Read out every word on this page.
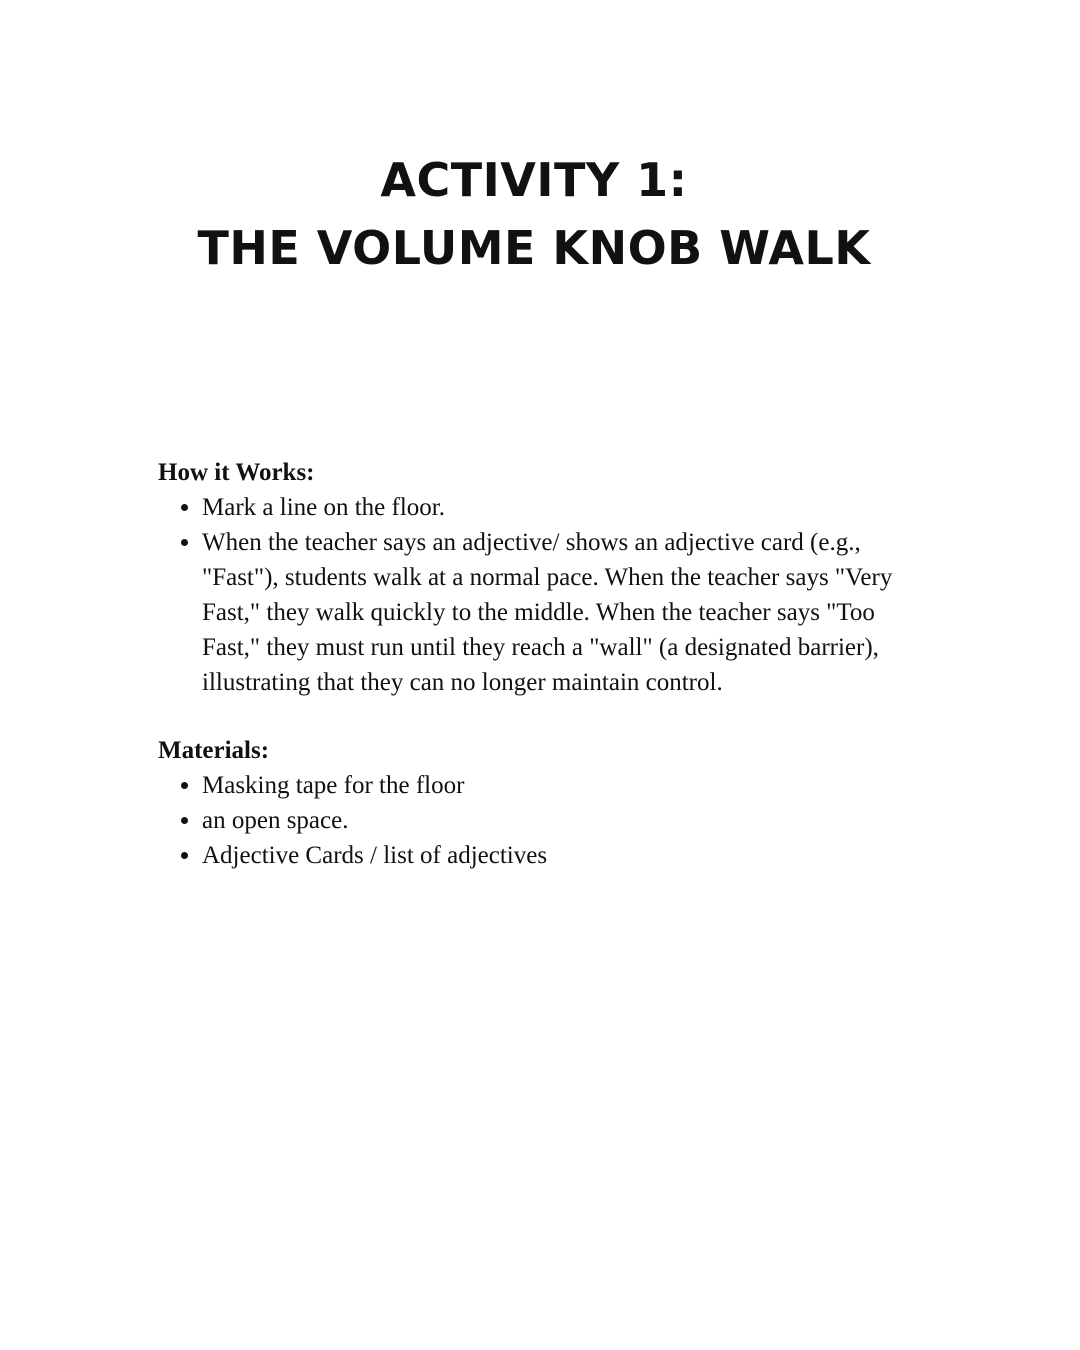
ACTIVITY 1:
THE VOLUME KNOB WALK

How it Works:

• Mark a line on the floor.
• When the teacher says an adjective/ shows an adjective card (e.g., "Fast"), students walk at a normal pace. When the teacher says "Very Fast," they walk quickly to the middle. When the teacher says "Too Fast," they must run until they reach a "wall" (a designated barrier), illustrating that they can no longer maintain control.

Materials:

• Masking tape for the floor
• an open space.
• Adjective Cards / list of adjectives
